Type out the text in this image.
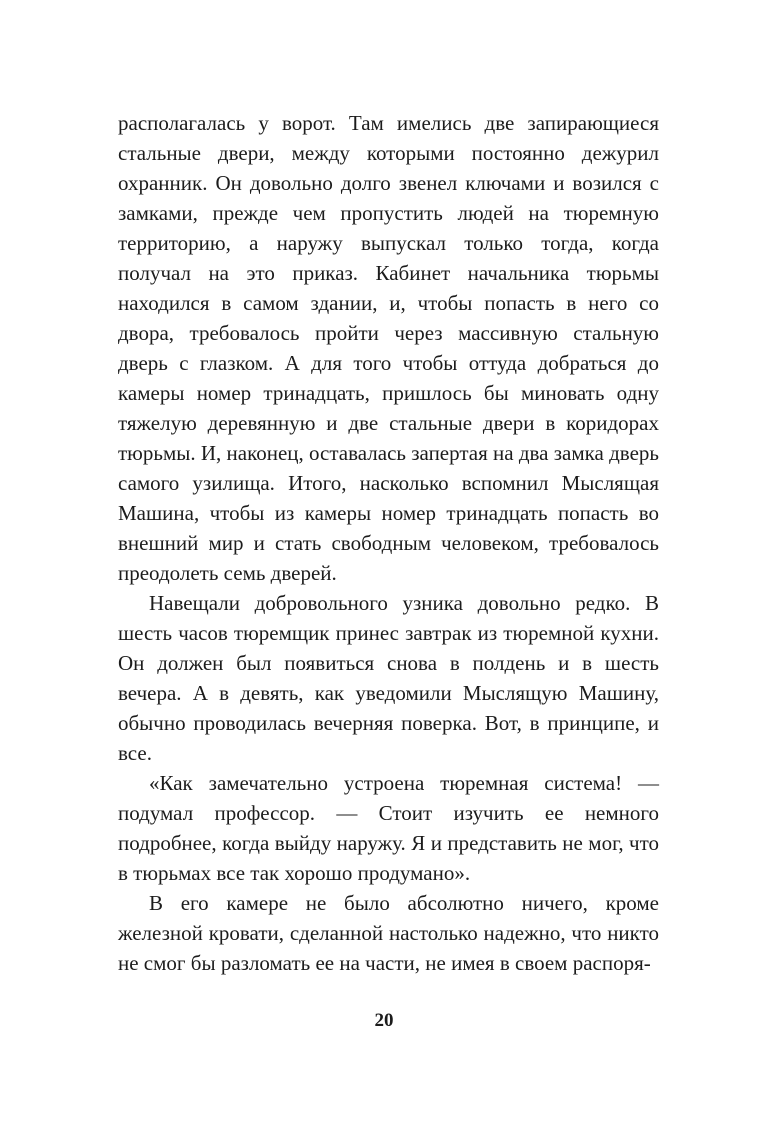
располагалась у ворот. Там имелись две запирающиеся стальные двери, между которыми постоянно дежурил охранник. Он довольно долго звенел ключами и возился с замками, прежде чем пропустить людей на тюремную территорию, а наружу выпускал только тогда, когда получал на это приказ. Кабинет начальника тюрьмы находился в самом здании, и, чтобы попасть в него со двора, требовалось пройти через массивную стальную дверь с глазком. А для того чтобы оттуда добраться до камеры номер тринадцать, пришлось бы миновать одну тяжелую деревянную и две стальные двери в коридорах тюрьмы. И, наконец, оставалась запертая на два замка дверь самого узилища. Итого, насколько вспомнил Мыслящая Машина, чтобы из камеры номер тринадцать попасть во внешний мир и стать свободным человеком, требовалось преодолеть семь дверей.

Навещали добровольного узника довольно редко. В шесть часов тюремщик принес завтрак из тюремной кухни. Он должен был появиться снова в полдень и в шесть вечера. А в девять, как уведомили Мыслящую Машину, обычно проводилась вечерняя поверка. Вот, в принципе, и все.

«Как замечательно устроена тюремная система! — подумал профессор. — Стоит изучить ее немного подробнее, когда выйду наружу. Я и представить не мог, что в тюрьмах все так хорошо продумано».

В его камере не было абсолютно ничего, кроме железной кровати, сделанной настолько надежно, что никто не смог бы разломать ее на части, не имея в своем распоря-

20
